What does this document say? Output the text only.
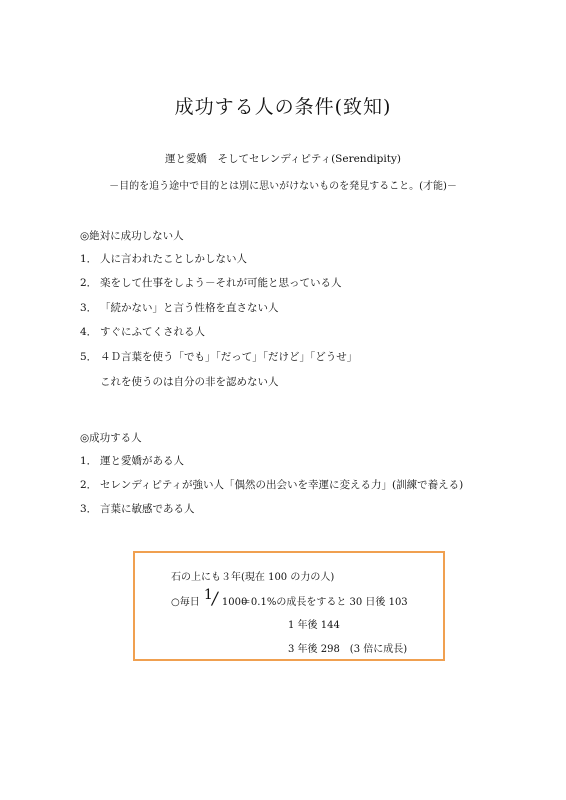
成功する人の条件(致知)
運と愛嬌　そしてセレンディピティ(Serendipity)
－目的を追う途中で目的とは別に思いがけないものを発見すること。(才能)－
◎絶対に成功しない人
1． 人に言われたことしかしない人
2． 楽をして仕事をしよう－それが可能と思っている人
3． 「続かない」と言う性格を直さない人
4． すぐにふてくされる人
5． ４Ｄ言葉を使う「でも」「だって」「だけど」「どうせ」
これを使うのは自分の非を認めない人
◎成功する人
1． 運と愛嬌がある人
2． セレンディピティが強い人「偶然の出会いを幸運に変える力」(訓練で養える)
3． 言葉に敏感である人
石の上にも３年(現在 100 の力の人)
○毎日 1
/ 1000
＝0.1%の成長をすると 30 日後 103
1 年後 144
3 年後 298　(3 倍に成長)
